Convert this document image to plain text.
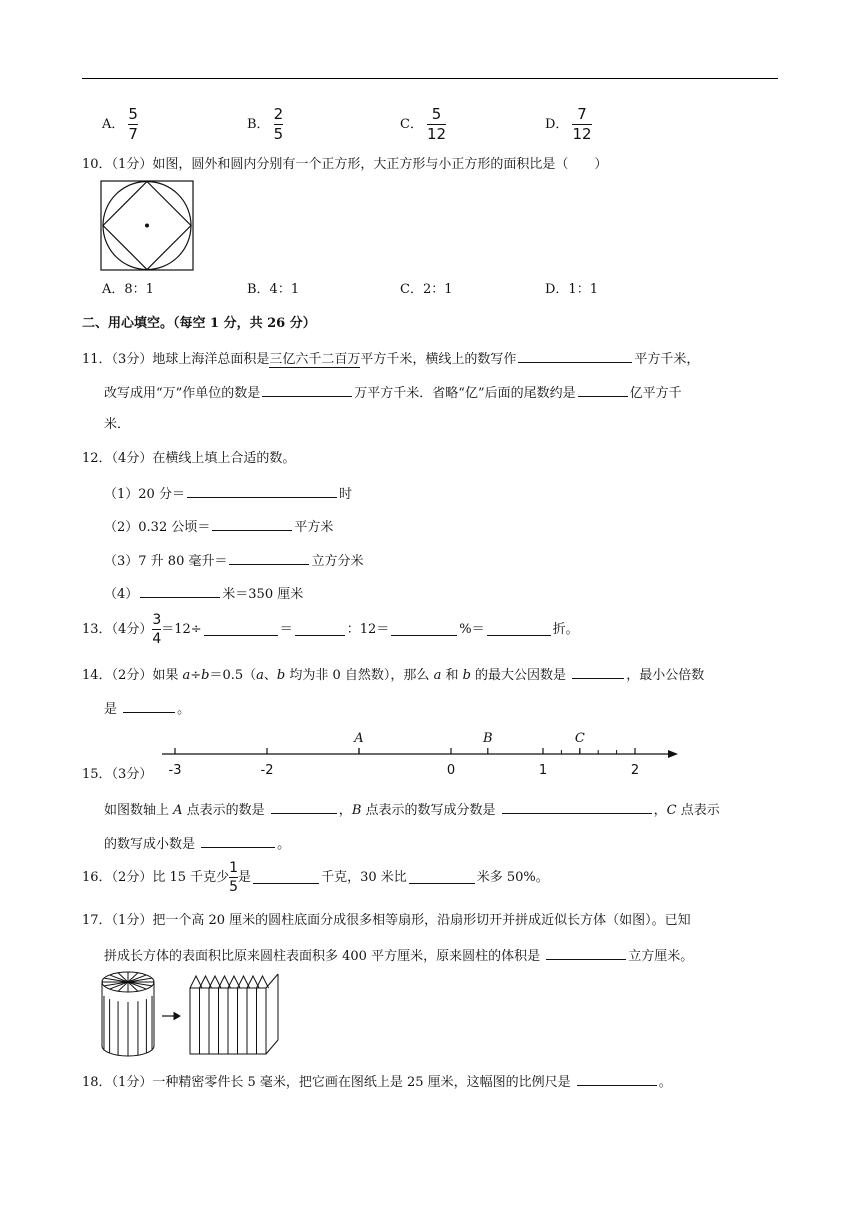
A． $\frac{5}{7}$	B． $\frac{2}{5}$	C． $\frac{5}{12}$	D． $\frac{7}{12}$
10．（1分）如图，圆外和圆内分别有一个正方形，大正方形与小正方形的面积比是（　　）
A．8：1	B．4：1	C．2：1	D．1：1
二、用心填空。（每空 1 分，共 26 分）
11．（3分）地球上海洋总面积是三亿六千二百万平方千米，横线上的数写作	平方千米，
改写成用“万”作单位的数是	万平方千米．省略“亿”后面的尾数约是	亿平方千
米．
12．（4分）在横线上填上合适的数。
（1）20 分＝	时
（2）0.32 公顷＝	平方米
（3）7 升 80 毫升＝	立方分米
（4）	米＝350 厘米
13．（4分） $\frac{3}{4} =12\div$	＝	：12＝	%＝	折。
14．（2分）如果 a÷b＝0.5（a、b 均为非 0 自然数），那么 a 和 b 的最大公因数是	，最小公倍数
是	。
15．（3分） -3	-2	0	1	2
A	B	C
如图数轴上 A 点表示的数是	，B 点表示的数写成分数是	，C 点表示
的数写成小数是	。
16．（2分）比 15 千克少 $\frac{1}{5}$ 是	千克，30 米比	米多 50%。
17．（1分）把一个高 20 厘米的圆柱底面分成很多相等扇形，沿扇形切开并拼成近似长方体（如图）。已知
拼成长方体的表面积比原来圆柱表面积多 400 平方厘米，原来圆柱的体积是	立方厘米。
18．（1分）一种精密零件长 5 毫米，把它画在图纸上是 25 厘米，这幅图的比例尺是	。
